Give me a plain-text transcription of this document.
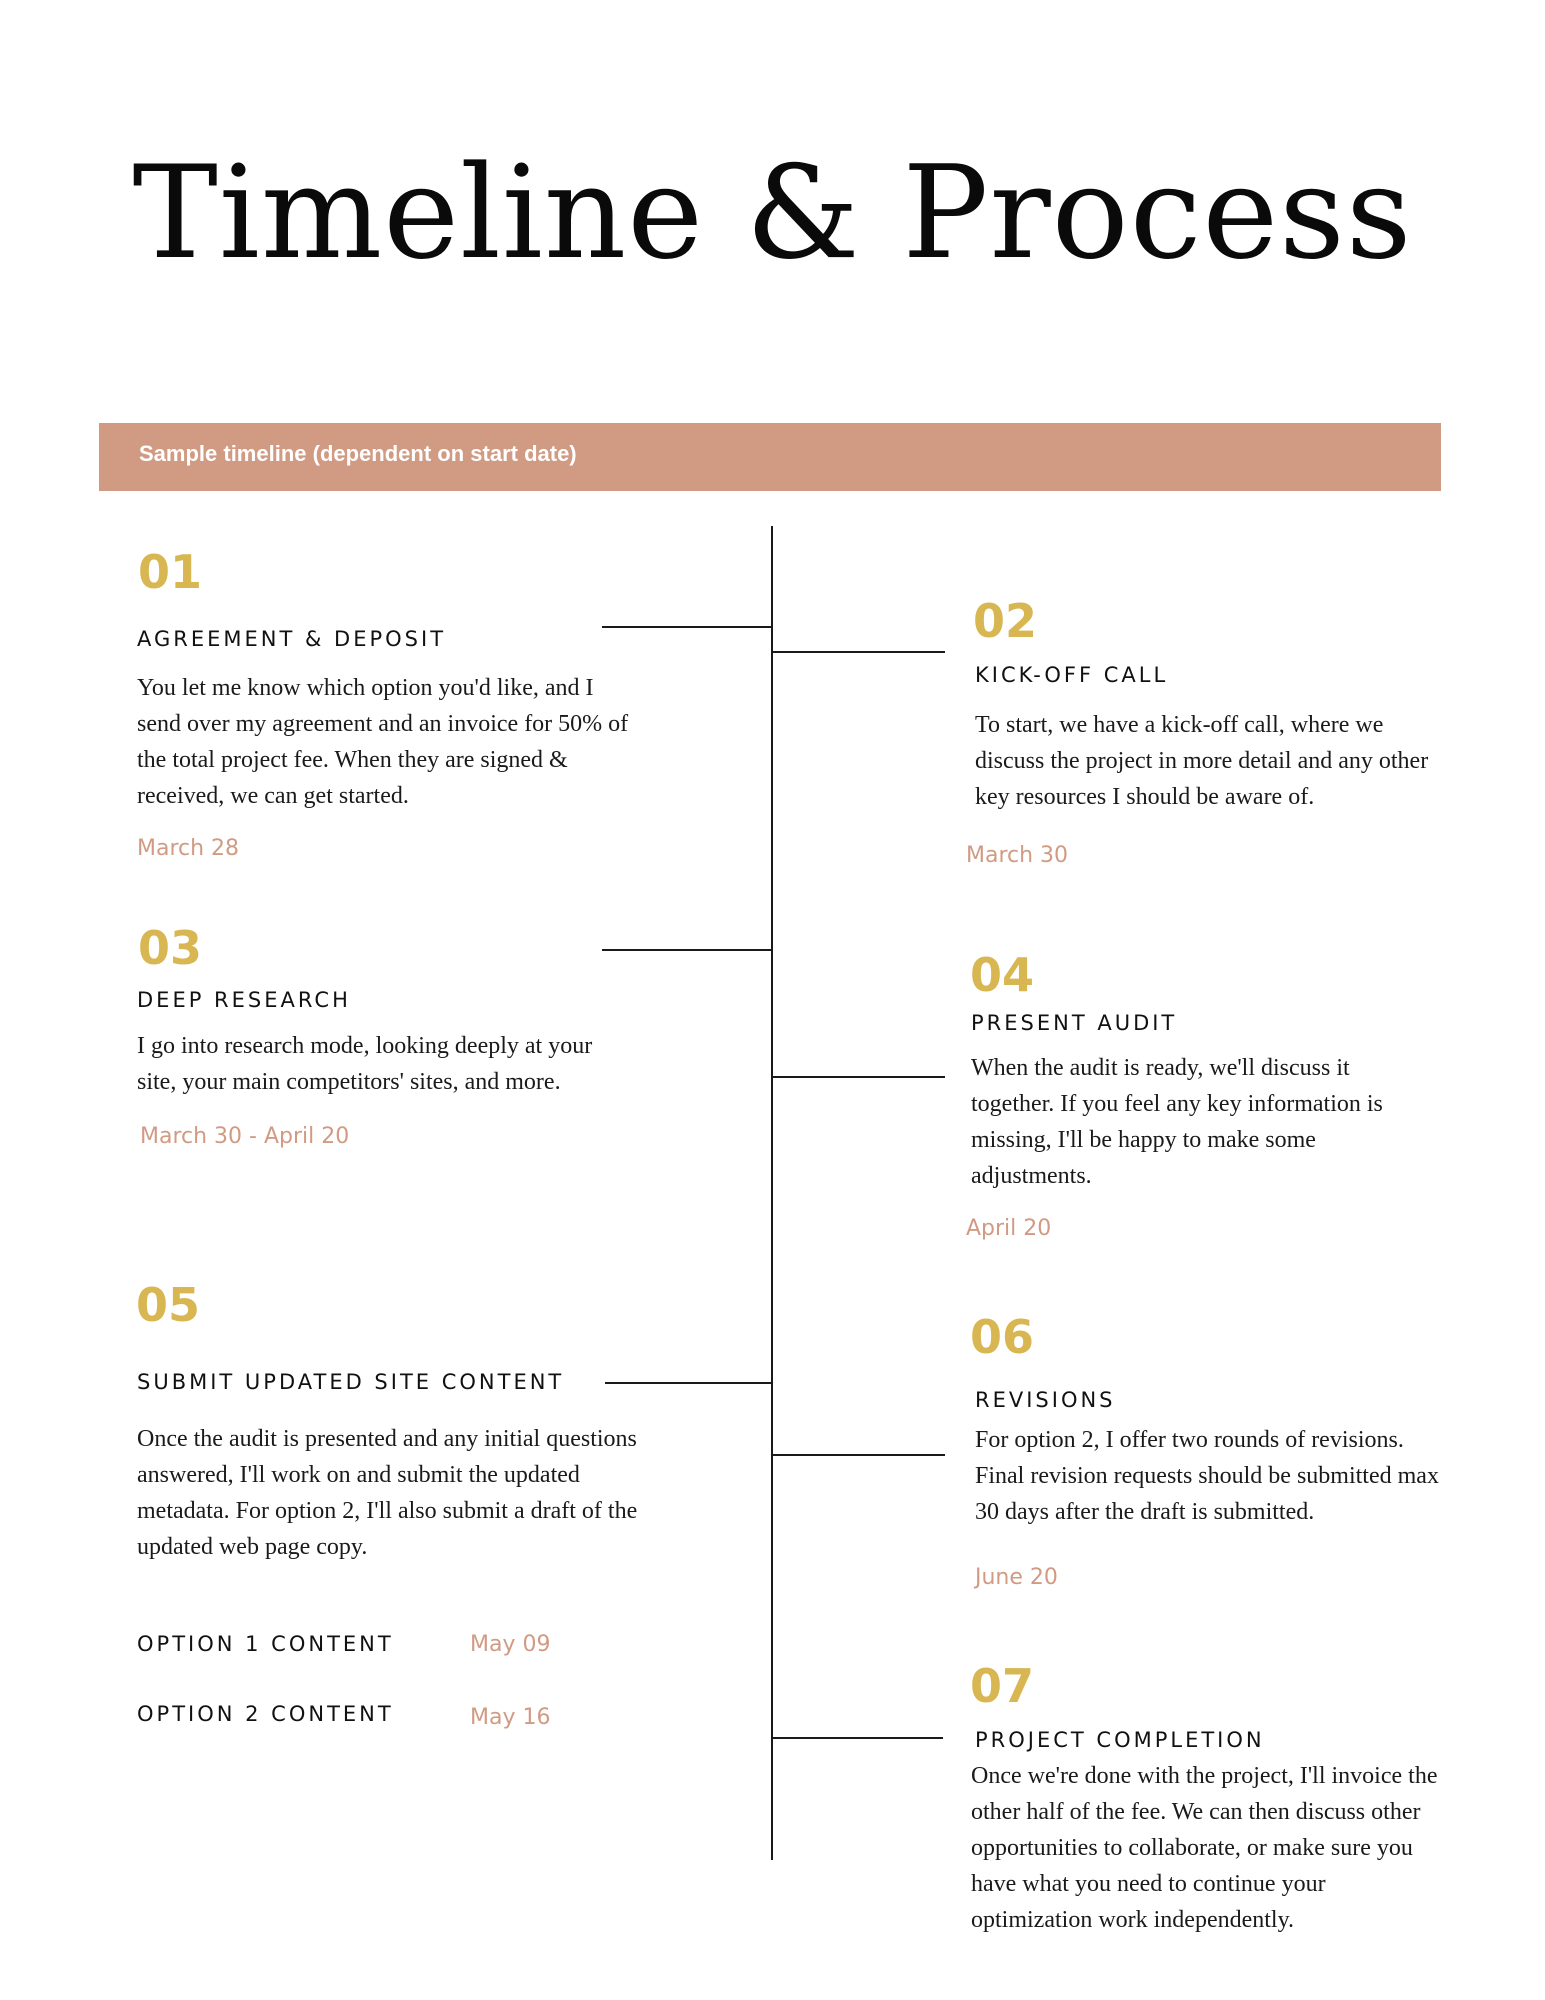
Timeline & Process
Sample timeline (dependent on start date)
01
AGREEMENT & DEPOSIT
You let me know which option you'd like, and I send over my agreement and an invoice for 50% of the total project fee. When they are signed & received, we can get started.
March 28
02
KICK-OFF CALL
To start, we have a kick-off call, where we discuss the project in more detail and any other key resources I should be aware of.
March 30
03
DEEP RESEARCH
I go into research mode, looking deeply at your site, your main competitors' sites, and more.
March 30 - April 20
04
PRESENT AUDIT
When the audit is ready, we'll discuss it together. If you feel any key information is missing, I'll be happy to make some adjustments.
April 20
05
SUBMIT UPDATED SITE CONTENT
Once the audit is presented and any initial questions answered, I'll work on and submit the updated metadata. For option 2, I'll also submit a draft of the updated web page copy.
OPTION 1 CONTENT	May 09
OPTION 2 CONTENT	May 16
06
REVISIONS
For option 2, I offer two rounds of revisions. Final revision requests should be submitted max 30 days after the draft is submitted.
June 20
07
PROJECT COMPLETION
Once we're done with the project, I'll invoice the other half of the fee. We can then discuss other opportunities to collaborate, or make sure you have what you need to continue your optimization work independently.
